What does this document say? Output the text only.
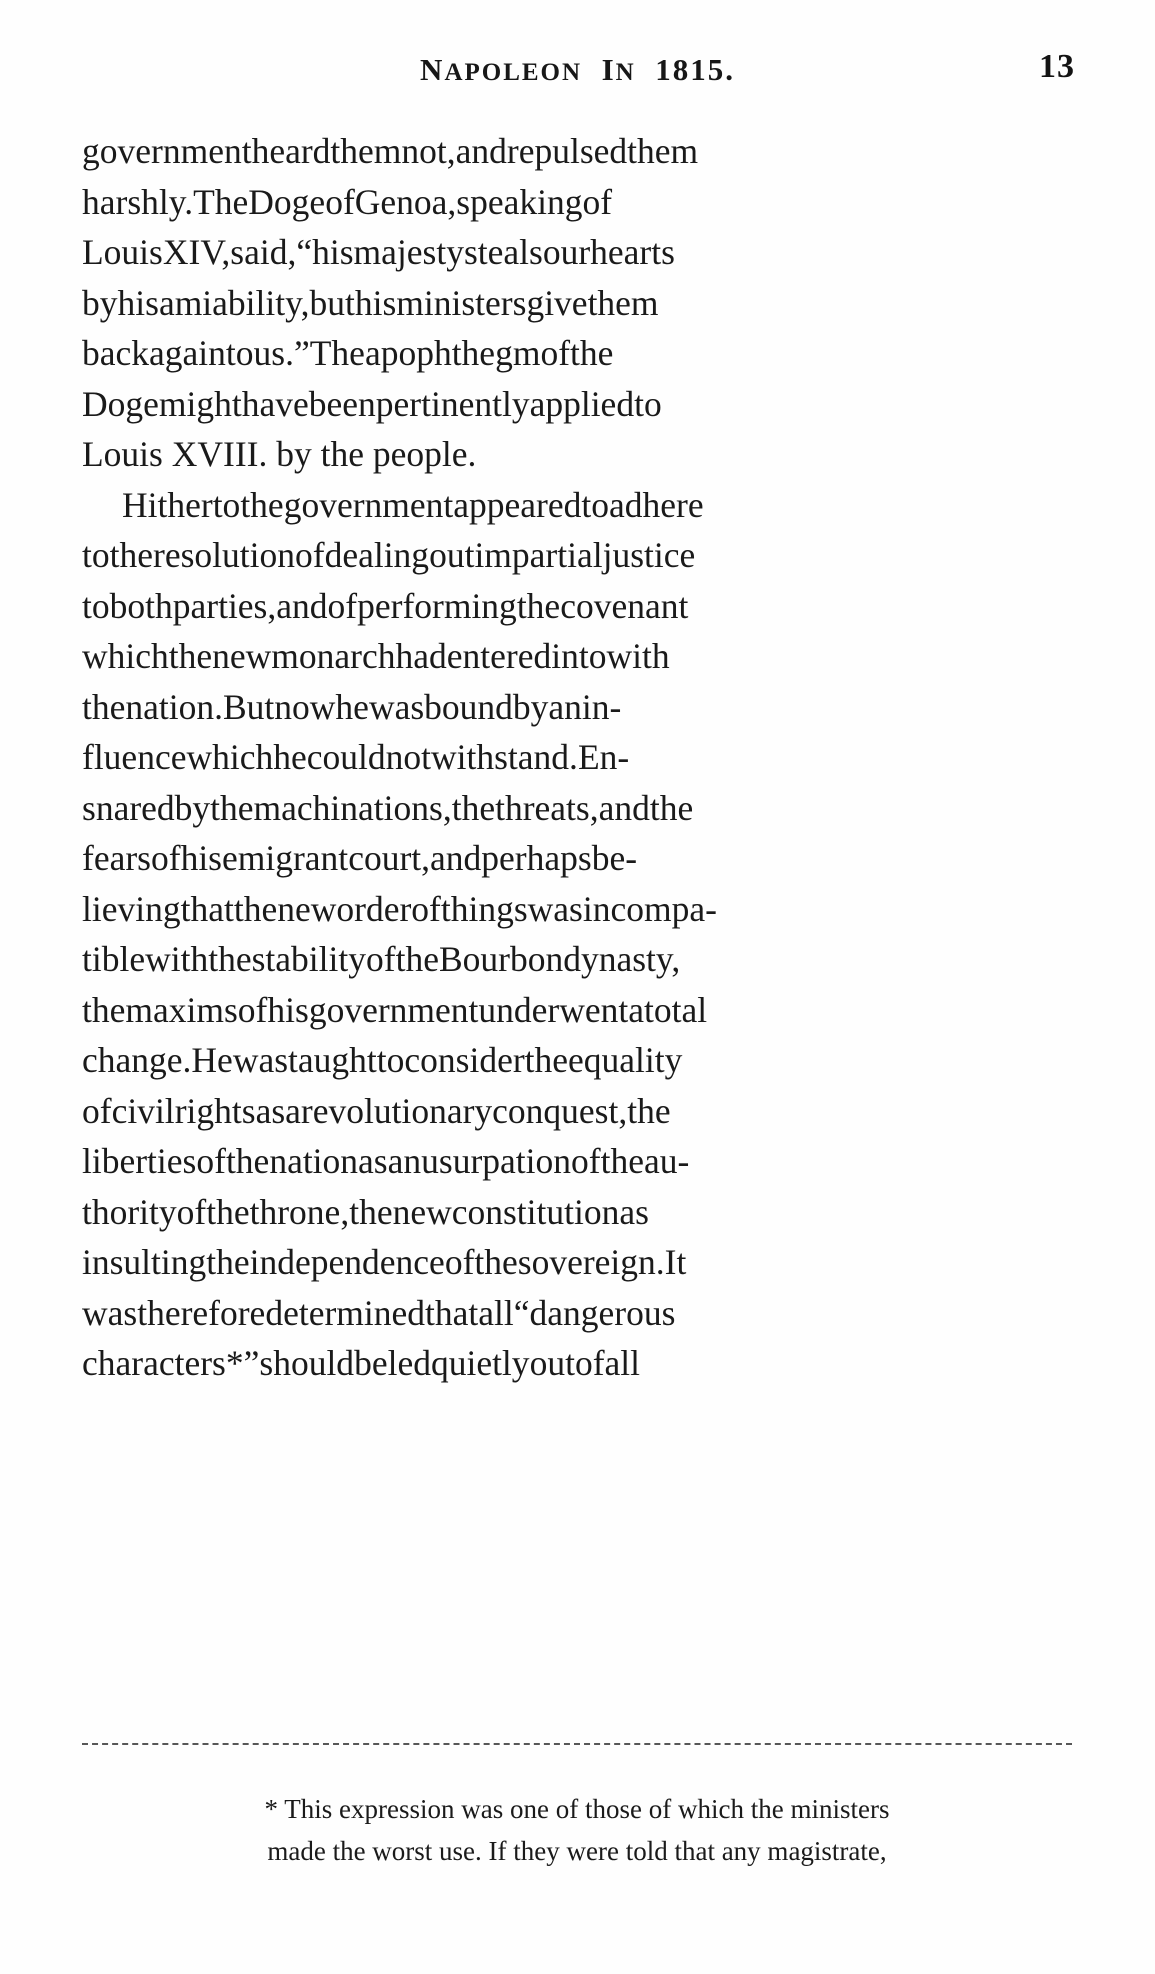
NAPOLEON IN 1815.	13

governmentheardthemnot,andrepulsedthem
harshly.TheDogeofGenoa,speakingof
LouisXIV,said,“hismajestystealsourhearts
byhisamiability,buthisministersgivethem
backagaintous.”Theapophthegmofthe
Dogemighthavebeenpertinentlyappliedto
Louis XVIII. by the people.

Hithertothegovernmentappearedtoadhere
totheresolutionofdealingoutimpartialjustice
tobothparties,andofperformingthecovenant
whichthenewmonarchhadenteredintowith
thenation.Butnowhewasboundbyanin-
fluencewhichhecouldnotwithstand.En-
snaredbythemachinations,thethreats,andthe
fearsofhisemigrantcourt,andperhapsbe-
lievingthattheneworderofthingswasincompa-
tiblewiththestabilityoftheBourbondynasty,
themaximsofhisgovernmentunderwentatotal
change.Hewastaughttoconsidertheequality
ofcivilrightsasarevolutionaryconquest,the
libertiesofthenationasanusurpationoftheau-
thorityofthethrone,thenewconstitutionas
insultingtheindependenceofthesovereign.It
wasthereforedeterminedthatall“dangerous
characters*”shouldbeledquietlyoutofall

* This expression was one of those of which the ministers
made the worst use. If they were told that any magistrate,
